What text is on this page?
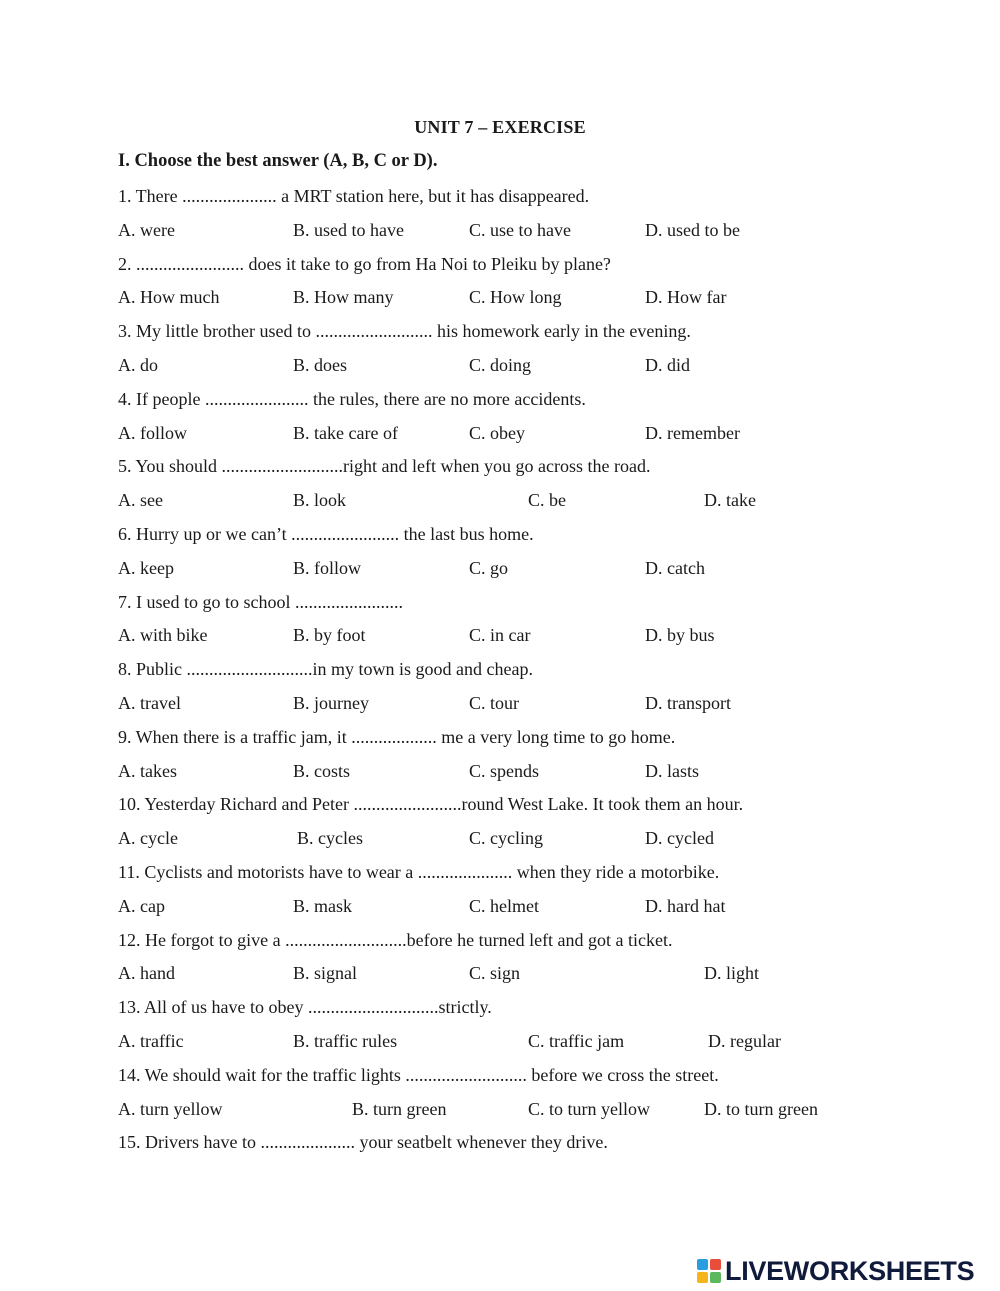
UNIT 7 – EXERCISE
I. Choose the best answer (A, B, C or D).
1. There ..................... a MRT station here, but it has disappeared.
A. were	B. used to have	C. use to have	D. used to be
2. ........................ does it take to go from Ha Noi to Pleiku by plane?
A. How much	B. How many	C. How long	D. How far
3. My little brother used to .......................... his homework early in the evening.
A. do	B. does	C. doing	D. did
4. If people ....................... the rules, there are no more accidents.
A. follow	B. take care of	C. obey	D. remember
5. You should ...........................right and left when you go across the road.
A. see	B. look	C. be	D. take
6. Hurry up or we can’t ........................ the last bus home.
A. keep	B. follow	C. go	D. catch
7. I used to go to school ........................
A. with bike	B. by foot	C. in car	D. by bus
8. Public ............................in my town is good and cheap.
A. travel	B. journey	C. tour	D. transport
9. When there is a traffic jam, it ................... me a very long time to go home.
A. takes	B. costs	C. spends	D. lasts
10. Yesterday Richard and Peter ........................round West Lake. It took them an hour.
A. cycle	B. cycles	C. cycling	D. cycled
11. Cyclists and motorists have to wear a ..................... when they ride a motorbike.
A. cap	B. mask	C. helmet	D. hard hat
12. He forgot to give a ...........................before he turned left and got a ticket.
A. hand	B. signal	C. sign	D. light
13. All of us have to obey .............................strictly.
A. traffic	B. traffic rules	C. traffic jam	D. regular
14. We should wait for the traffic lights ........................... before we cross the street.
A. turn yellow	B. turn green	C. to turn yellow	D. to turn green
15. Drivers have to ..................... your seatbelt whenever they drive.
LIVEWORKSHEETS
